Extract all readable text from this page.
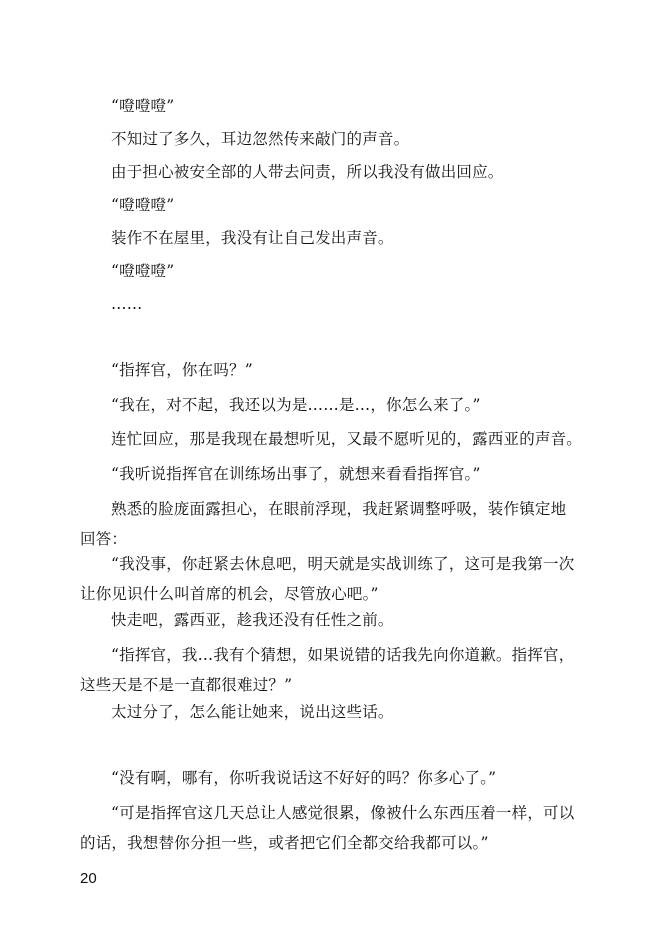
“噔噔噔”
不知过了多久，耳边忽然传来敲门的声音。
由于担心被安全部的人带去问责，所以我没有做出回应。
“噔噔噔”
装作不在屋里，我没有让自己发出声音。
“噔噔噔”
……
“指挥官，你在吗？”
“我在，对不起，我还以为是……是…，你怎么来了。”
连忙回应，那是我现在最想听见，又最不愿听见的，露西亚的声音。
“我听说指挥官在训练场出事了，就想来看看指挥官。”
熟悉的脸庞面露担心，在眼前浮现，我赶紧调整呼吸，装作镇定地回答：
“我没事，你赶紧去休息吧，明天就是实战训练了，这可是我第一次让你见识什么叫首席的机会，尽管放心吧。”
快走吧，露西亚，趁我还没有任性之前。
“指挥官，我…我有个猜想，如果说错的话我先向你道歉。指挥官，这些天是不是一直都很难过？”
太过分了，怎么能让她来，说出这些话。
“没有啊，哪有，你听我说话这不好好的吗？你多心了。”
“可是指挥官这几天总让人感觉很累，像被什么东西压着一样，可以的话，我想替你分担一些，或者把它们全都交给我都可以。”
20
